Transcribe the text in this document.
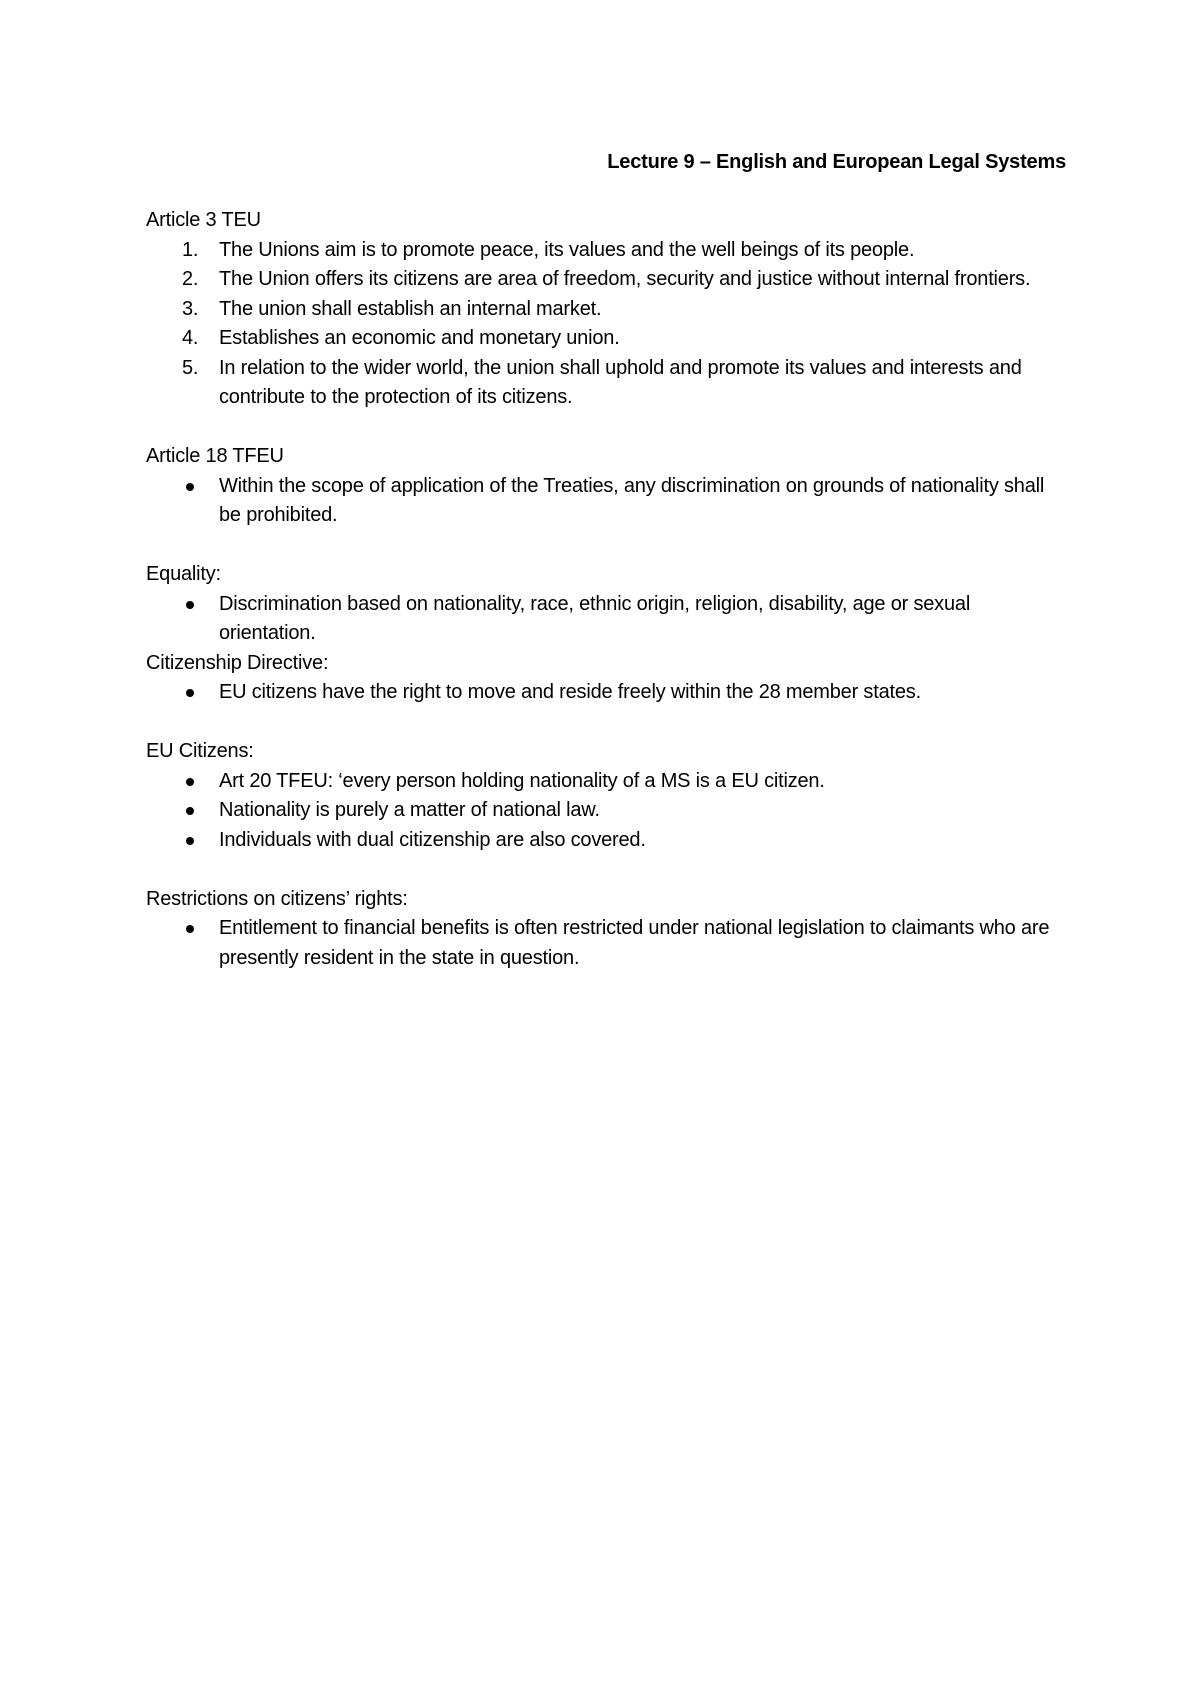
Lecture 9 – English and European Legal Systems

Article 3 TEU

1.	The Unions aim is to promote peace, its values and the well beings of its people.
2.	The Union offers its citizens are area of freedom, security and justice without internal frontiers.
3.	The union shall establish an internal market.
4.	Establishes an economic and monetary union.
5.	In relation to the wider world, the union shall uphold and promote its values and interests and contribute to the protection of its citizens.

Article 18 TFEU

Within the scope of application of the Treaties, any discrimination on grounds of nationality shall be prohibited.

Equality:

Discrimination based on nationality, race, ethnic origin, religion, disability, age or sexual orientation.

Citizenship Directive:

EU citizens have the right to move and reside freely within the 28 member states.

EU Citizens:

Art 20 TFEU: ‘every person holding nationality of a MS is a EU citizen.
Nationality is purely a matter of national law.
Individuals with dual citizenship are also covered.

Restrictions on citizens’ rights:

Entitlement to financial benefits is often restricted under national legislation to claimants who are presently resident in the state in question.
